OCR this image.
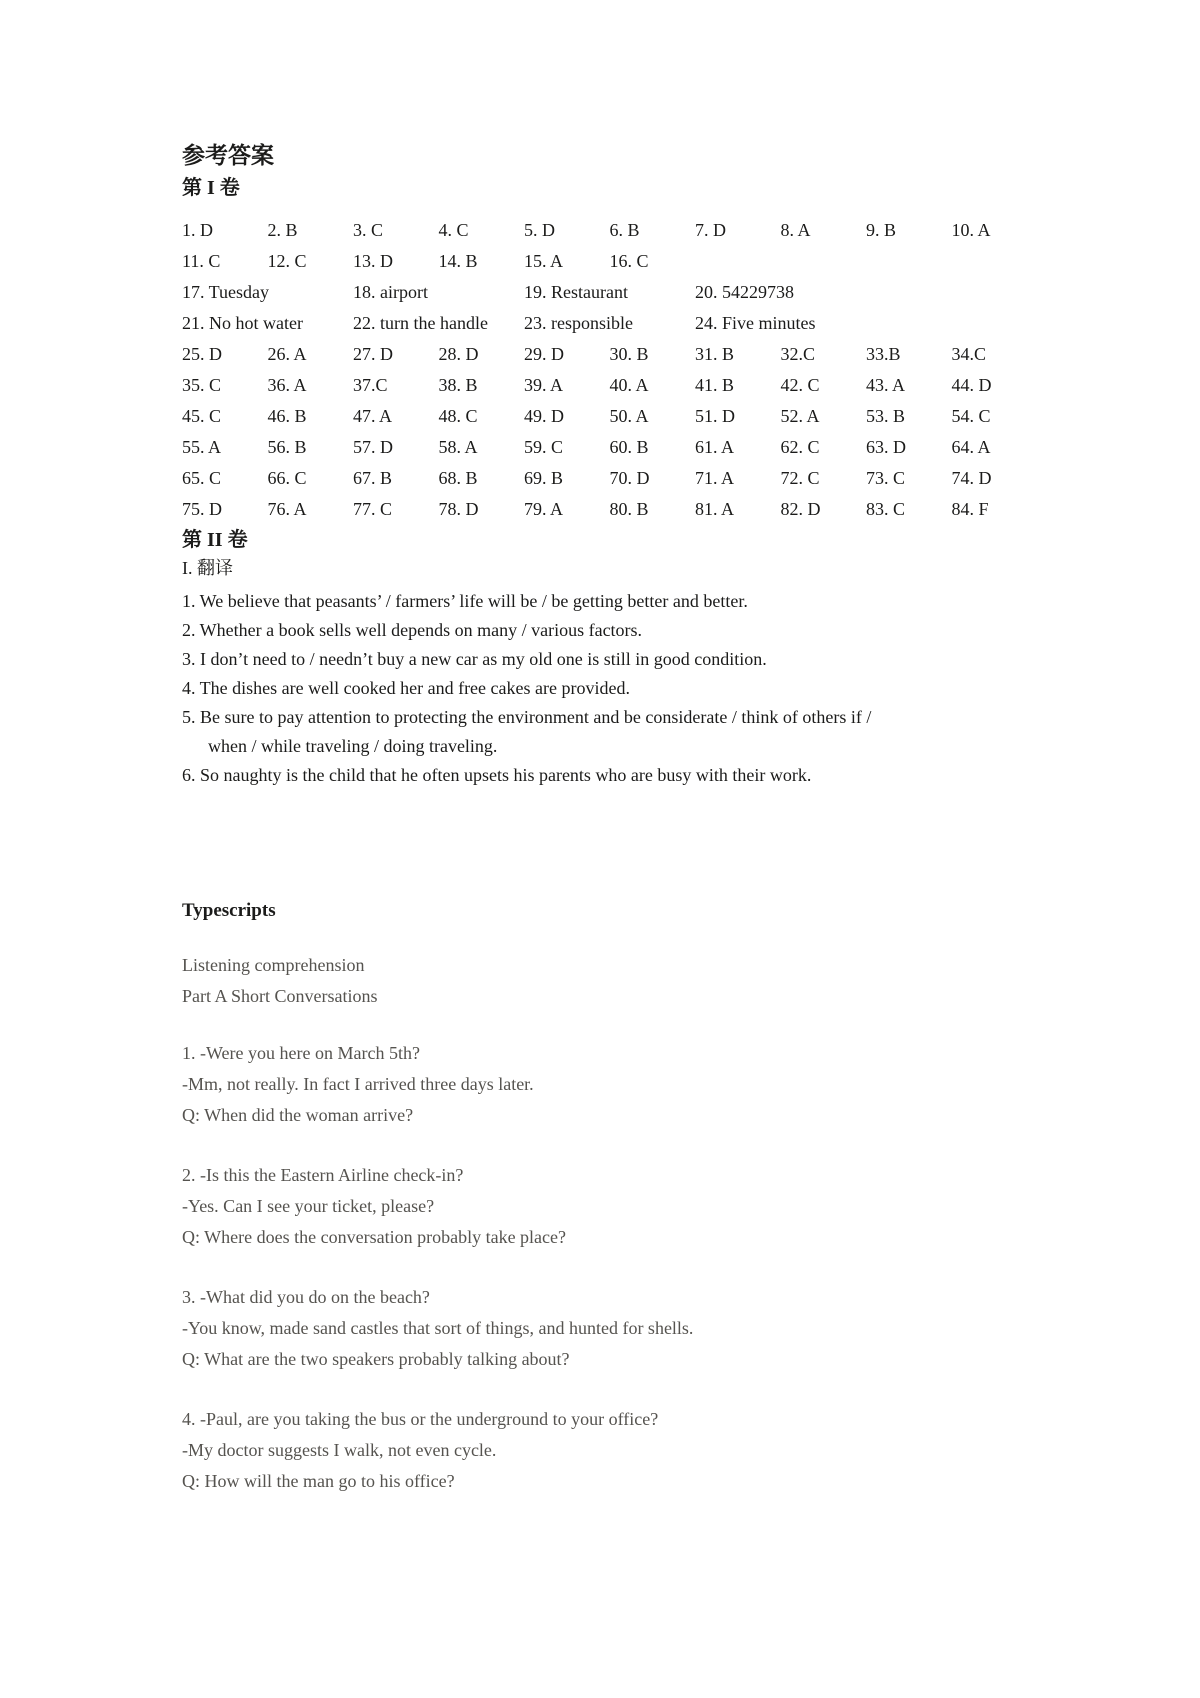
参考答案
第 I 卷
1. D	2. B	3. C	4. C	5. D	6. B	7. D	8. A	9. B	10. A
11. C	12. C	13. D	14. B	15. A	16. C
17. Tuesday	18. airport	19. Restaurant	20. 54229738
21. No hot water	22. turn the handle	23. responsible	24. Five minutes
25. D	26. A	27. D	28. D	29. D	30. B	31. B	32.C	33.B	34.C
35. C	36. A	37.C	38. B	39. A	40. A	41. B	42. C	43. A	44. D
45. C	46. B	47. A	48. C	49. D	50. A	51. D	52. A	53. B	54. C
55. A	56. B	57. D	58. A	59. C	60. B	61. A	62. C	63. D	64. A
65. C	66. C	67. B	68. B	69. B	70. D	71. A	72. C	73. C	74. D
75. D	76. A	77. C	78. D	79. A	80. B	81. A	82. D	83. C	84. F
第 II 卷
I. 翻译
1. We believe that peasants’ / farmers’ life will be / be getting better and better.
2. Whether a book sells well depends on many / various factors.
3. I don’t need to / needn’t buy a new car as my old one is still in good condition.
4. The dishes are well cooked her and free cakes are provided.
5. Be sure to pay attention to protecting the environment and be considerate / think of others if /
when / while traveling / doing traveling.
6. So naughty is the child that he often upsets his parents who are busy with their work.
Typescripts
Listening comprehension
Part A Short Conversations
1. -Were you here on March 5th?
-Mm, not really. In fact I arrived three days later.
Q: When did the woman arrive?
2. -Is this the Eastern Airline check-in?
-Yes. Can I see your ticket, please?
Q: Where does the conversation probably take place?
3. -What did you do on the beach?
-You know, made sand castles that sort of things, and hunted for shells.
Q: What are the two speakers probably talking about?
4. -Paul, are you taking the bus or the underground to your office?
-My doctor suggests I walk, not even cycle.
Q: How will the man go to his office?
